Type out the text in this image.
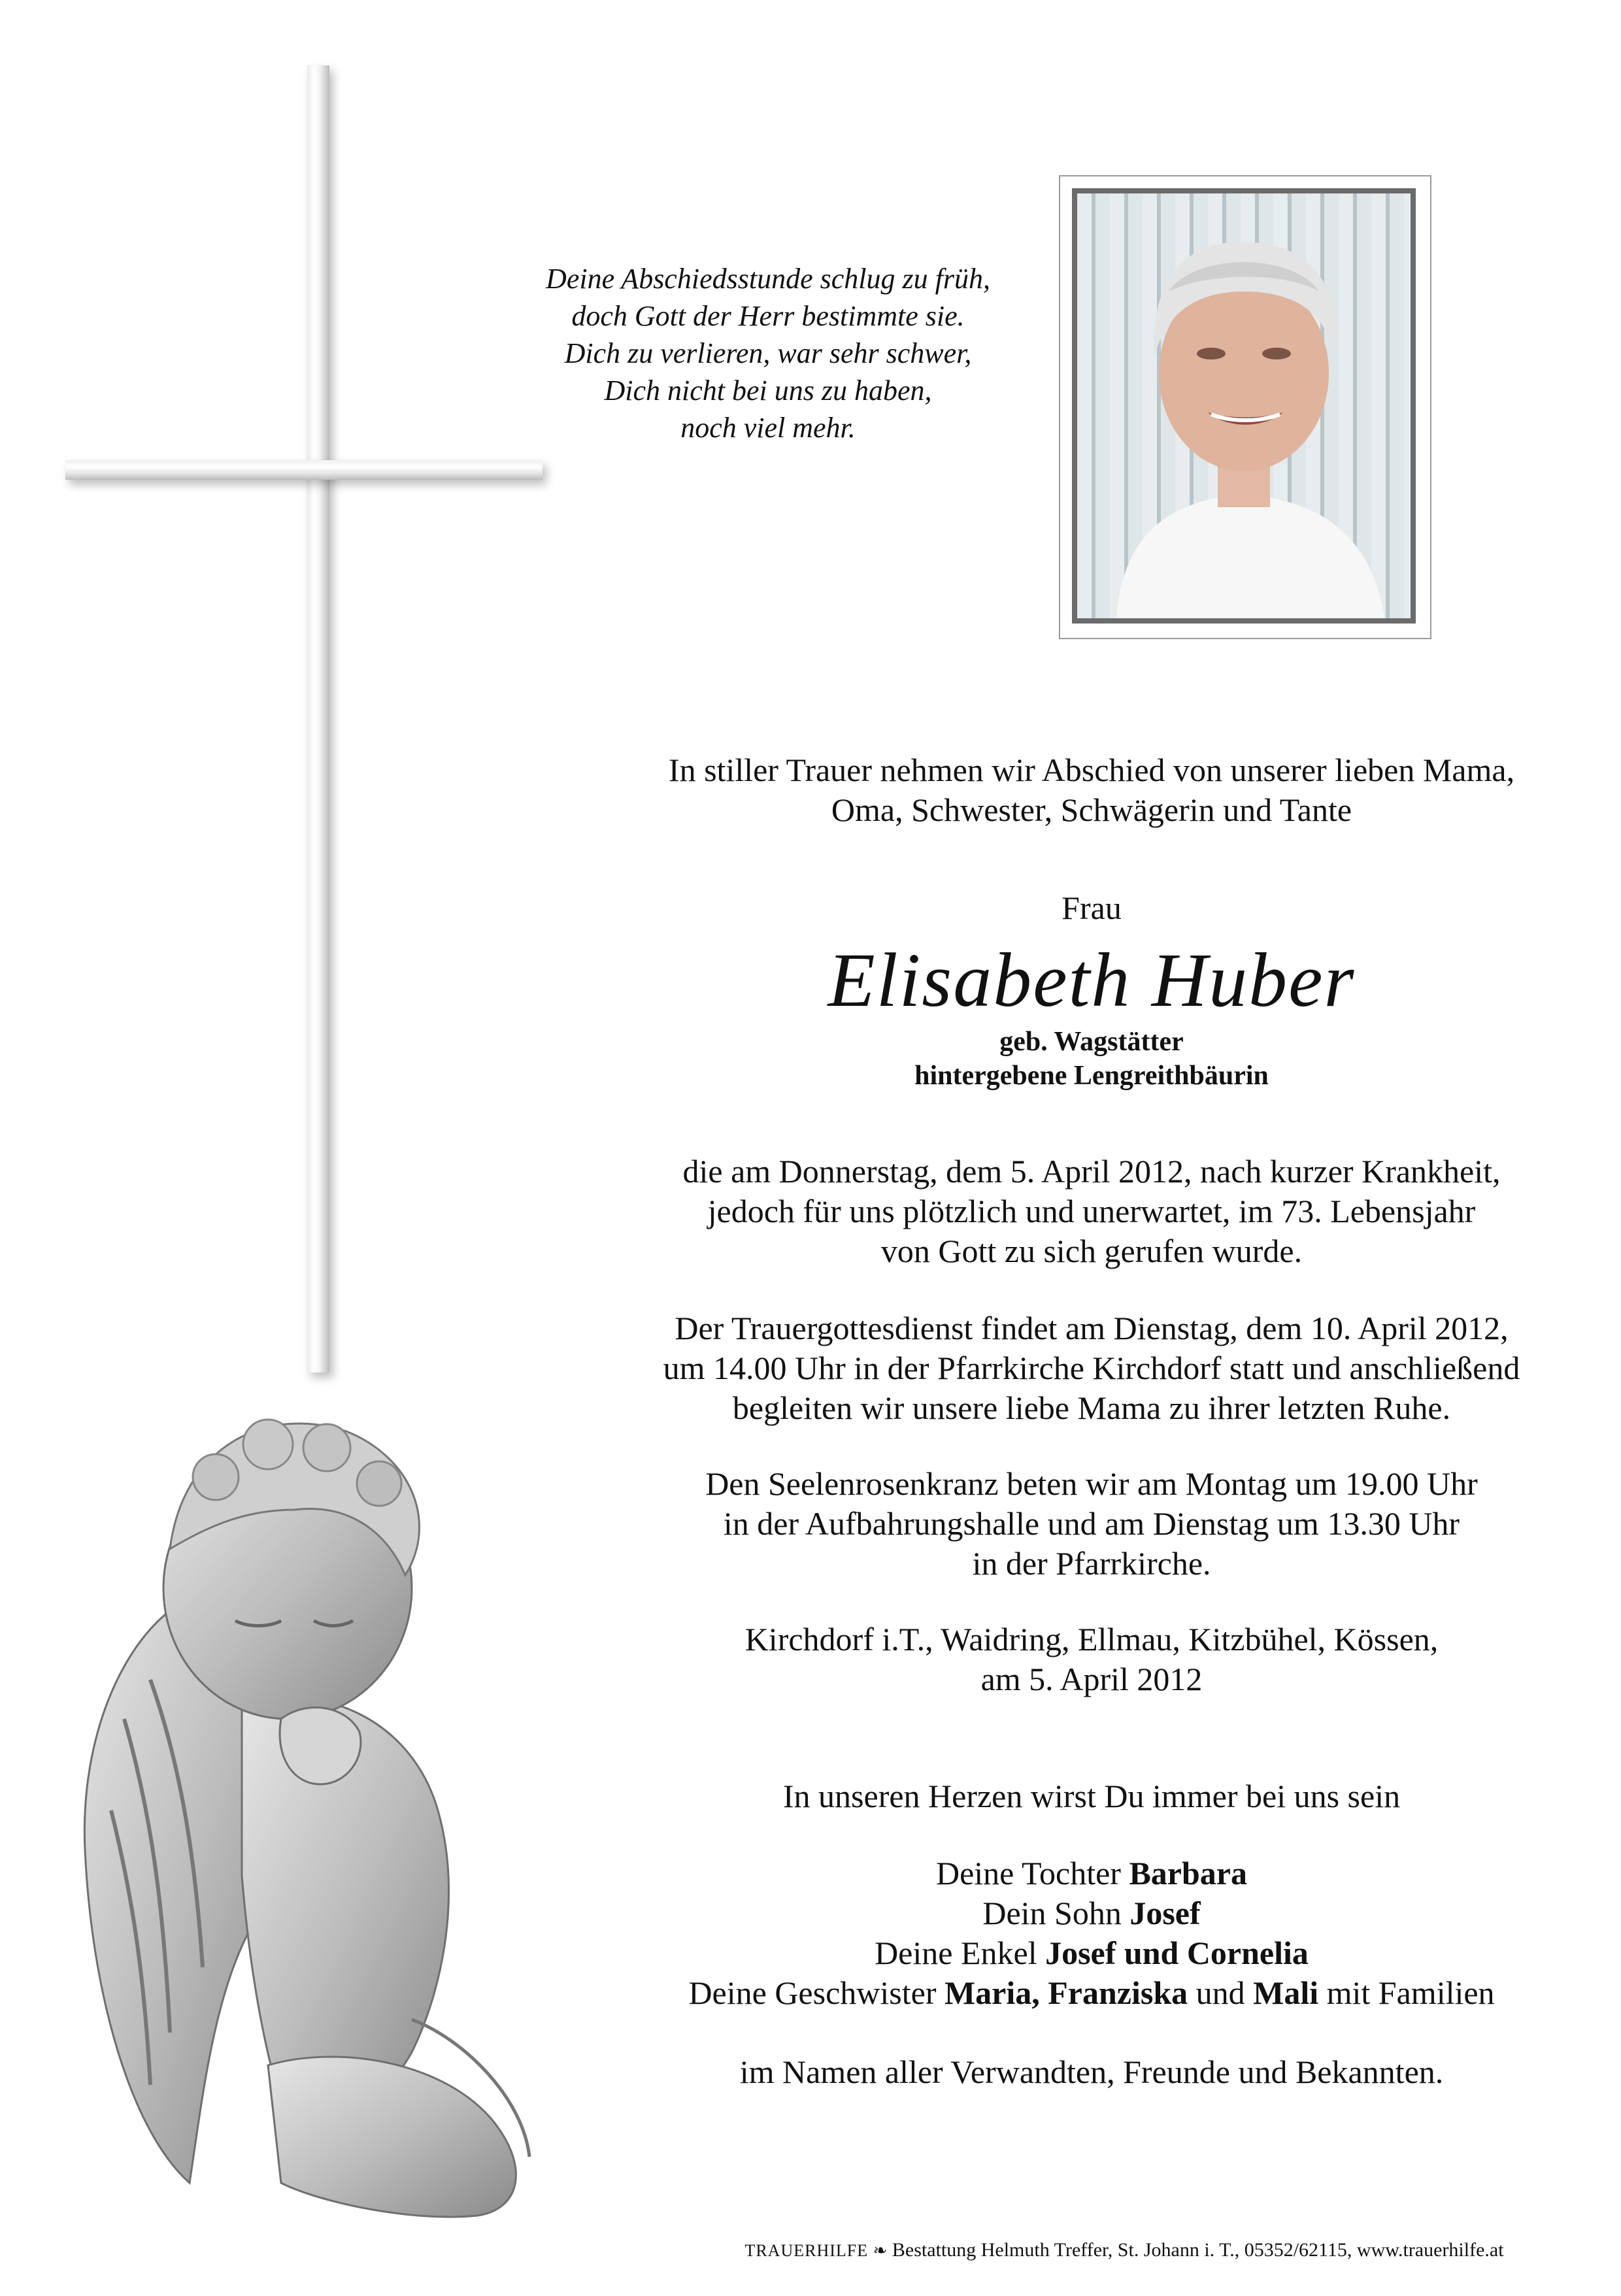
Deine Abschiedsstunde schlug zu früh,
doch Gott der Herr bestimmte sie.
Dich zu verlieren, war sehr schwer,
Dich nicht bei uns zu haben,
noch viel mehr.
In stiller Trauer nehmen wir Abschied von unserer lieben Mama,
Oma, Schwester, Schwägerin und Tante
Frau
Elisabeth Huber
geb. Wagstätter
hintergebene Lengreithbäurin
die am Donnerstag, dem 5. April 2012, nach kurzer Krankheit,
jedoch für uns plötzlich und unerwartet, im 73. Lebensjahr
von Gott zu sich gerufen wurde.
Der Trauergottesdienst findet am Dienstag, dem 10. April 2012,
um 14.00 Uhr in der Pfarrkirche Kirchdorf statt und anschließend
begleiten wir unsere liebe Mama zu ihrer letzten Ruhe.
Den Seelenrosenkranz beten wir am Montag um 19.00 Uhr
in der Aufbahrungshalle und am Dienstag um 13.30 Uhr
in der Pfarrkirche.
Kirchdorf i.T., Waidring, Ellmau, Kitzbühel, Kössen,
am 5. April 2012
In unseren Herzen wirst Du immer bei uns sein
Deine Tochter Barbara
Dein Sohn Josef
Deine Enkel Josef und Cornelia
Deine Geschwister Maria, Franziska und Mali mit Familien
im Namen aller Verwandten, Freunde und Bekannten.
TRAUERHILFE ❧ Bestattung Helmuth Treffer, St. Johann i. T., 05352/62115, www.trauerhilfe.at
